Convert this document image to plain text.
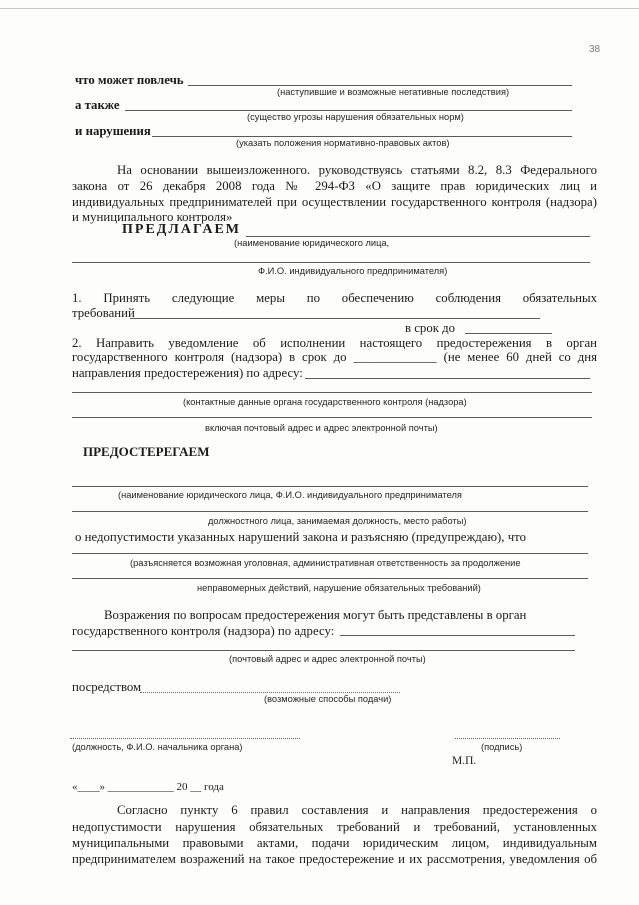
38
что может повлечь
(наступившие и возможные негативные последствия)
а также
(существо угрозы нарушения обязательных норм)
и нарушения
(указать положения нормативно-правовых актов)
На основании вышеизложенного. руководствуясь статьями 8.2, 8.3 Федерального
закона от 26 декабря 2008 года № 294-ФЗ «О защите прав юридических лиц и
индивидуальных предпринимателей при осуществлении государственного контроля (надзора)
и муниципального контроля»
ПРЕДЛАГАЕМ
(наименование юридического лица,
Ф.И.О. индивидуального предпринимателя)
1. Принять следующие меры по обеспечению соблюдения обязательных
требований
в срок до
2. Направить уведомление об исполнении настоящего предостережения в орган
государственного контроля (надзора) в срок до _____________ (не менее 60 дней со дня
направления предостережения) по адресу:
(контактные данные органа государственного контроля (надзора)
включая почтовый адрес и адрес электронной почты)
ПРЕДОСТЕРЕГАЕМ
(наименование юридического лица, Ф.И.О. индивидуального предпринимателя
должностного лица, занимаемая должность, место работы)
о недопустимости указанных нарушений закона и разъясняю (предупреждаю), что
(разъясняется возможная уголовная, административная ответственность за продолжение
неправомерных действий, нарушение обязательных требований)
Возражения по вопросам предостережения могут быть представлены в орган
государственного контроля (надзора) по адресу:
(почтовый адрес и адрес электронной почты)
посредством
(возможные способы подачи)
(должность, Ф.И.О. начальника органа)	(подпись)
М.П.
«____» ____________ 20 __ года
Согласно пункту 6 правил составления и направления предостережения о
недопустимости нарушения обязательных требований и требований, установленных
муниципальными правовыми актами, подачи юридическим лицом, индивидуальным
предпринимателем возражений на такое предостережение и их рассмотрения, уведомления об
